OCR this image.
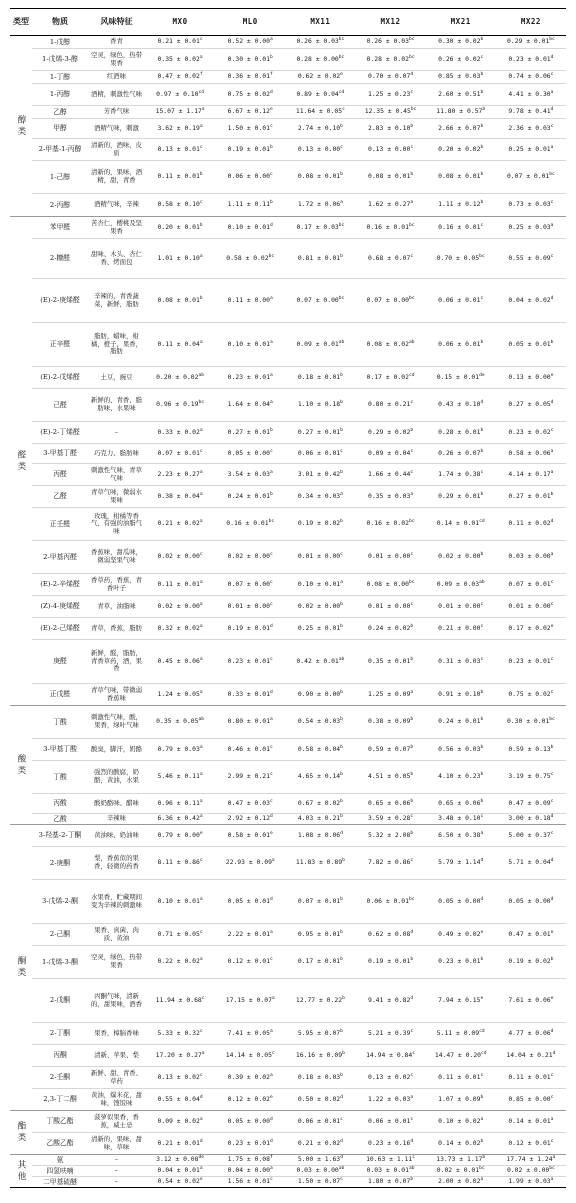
类型	物质	风味特征	MX0	ML0	MX11	MX12	MX21	MX22
醇类	1-戊醇	香青	0.21 ± 0.01$^c$	0.52 ± 0.00$^a$	0.26 ± 0.03$^{bc}$	0.26 ± 0.03$^{bc}$	0.30 ± 0.02$^b$	0.29 ± 0.01$^{bc}$
	1-戊烯-3-醇	空灵，绿色，热带果香	0.35 ± 0.02$^a$	0.30 ± 0.01$^b$	0.28 ± 0.00$^{bc}$	0.28 ± 0.02$^{bc}$	0.26 ± 0.02$^c$	0.23 ± 0.01$^d$
	1-丁醇	红酒味	0.47 ± 0.02$^f$	0.36 ± 0.01$^f$	0.62 ± 0.02$^e$	0.70 ± 0.07$^d$	0.85 ± 0.03$^b$	0.74 ± 0.06$^c$
	1-丙醇	酒精，刺激性气味	0.97 ± 0.10$^{cd}$	0.75 ± 0.02$^d$	0.89 ± 0.04$^{cd}$	1.25 ± 0.23$^c$	2.60 ± 0.51$^b$	4.41 ± 0.30$^a$
	乙醇	芳香气味	15.07 ± 1.17$^a$	6.67 ± 0.12$^e$	11.64 ± 0.05$^c$	12.35 ± 0.45$^{bc}$	11.80 ± 0.57$^b$	9.78 ± 0.41$^d$
	甲醇	酒精气味，刺激	3.62 ± 0.19$^a$	1.50 ± 0.01$^c$	2.74 ± 0.10$^b$	2.83 ± 0.10$^b$	2.66 ± 0.07$^b$	2.36 ± 0.03$^c$
	2-甲基-1-丙醇	清新的，酒味，皮质	0.13 ± 0.01$^c$	0.19 ± 0.01$^b$	0.13 ± 0.00$^c$	0.13 ± 0.00$^c$	0.20 ± 0.02$^b$	0.25 ± 0.01$^a$
	1-己醇	清新的，果味，酒精，甜，青香	0.11 ± 0.01$^b$	0.06 ± 0.00$^c$	0.08 ± 0.01$^b$	0.08 ± 0.01$^b$	0.08 ± 0.01$^b$	0.07 ± 0.01$^{bc}$
	2-丙醇	酒精气味，辛辣	0.58 ± 0.10$^c$	1.11 ± 0.11$^b$	1.72 ± 0.06$^a$	1.62 ± 0.27$^a$	1.11 ± 0.12$^b$	0.73 ± 0.03$^c$
醛类	苯甲醛	苦杏仁，樱桃及坚果香	0.20 ± 0.01$^b$	0.10 ± 0.01$^d$	0.17 ± 0.03$^{bc}$	0.16 ± 0.01$^{bc}$	0.16 ± 0.01$^c$	0.25 ± 0.03$^a$
	2-糠醛	甜味、木头、杏仁香、烤面包	1.01 ± 0.10$^a$	0.58 ± 0.02$^{bc}$	0.81 ± 0.01$^b$	0.68 ± 0.07$^c$	0.70 ± 0.05$^{bc}$	0.55 ± 0.09$^c$
	(E)-2-庚烯醛	辛辣的，青香蔬菜，新鲜，脂肪	0.08 ± 0.01$^b$	0.11 ± 0.00$^a$	0.07 ± 0.00$^{bc}$	0.07 ± 0.00$^{bc}$	0.06 ± 0.01$^c$	0.04 ± 0.02$^d$
	正辛醛	脂肪，蜡味，柑橘，橙子，果香，脂肪	0.11 ± 0.04$^a$	0.10 ± 0.01$^a$	0.09 ± 0.01$^{ab}$	0.08 ± 0.02$^{ab}$	0.06 ± 0.01$^b$	0.05 ± 0.01$^b$
	(E)-2-戊烯醛	土豆，豌豆	0.20 ± 0.02$^{ab}$	0.23 ± 0.01$^a$	0.18 ± 0.01$^b$	0.17 ± 0.02$^{cd}$	0.15 ± 0.01de	0.13 ± 0.00$^e$
	己醛	新鲜的、青香、脂肪味、水果味	0.96 ± 0.19$^{bc}$	1.64 ± 0.04$^a$	1.10 ± 0.18$^b$	0.80 ± 0.21$^c$	0.43 ± 0.10$^d$	0.27 ± 0.05$^d$
	(E)-2-丁烯醛	–	0.33 ± 0.02$^a$	0.27 ± 0.01$^b$	0.27 ± 0.01$^b$	0.29 ± 0.02$^b$	0.28 ± 0.01$^b$	0.23 ± 0.02$^c$
	3-甲基丁醛	巧克力、脂肪味	0.07 ± 0.01$^c$	0.05 ± 0.00$^c$	0.06 ± 0.01$^c$	0.09 ± 0.04$^c$	0.26 ± 0.07$^b$	0.58 ± 0.06$^a$
	丙醛	刺激性气味，青草气味	2.23 ± 0.27$^a$	3.54 ± 0.03$^a$	3.01 ± 0.42$^b$	1.66 ± 0.44$^c$	1.74 ± 0.38$^c$	4.14 ± 0.17$^a$
	乙醛	青草气味，微弱水果味	0.38 ± 0.04$^a$	0.24 ± 0.01$^b$	0.34 ± 0.03$^a$	0.35 ± 0.03$^a$	0.29 ± 0.01$^b$	0.27 ± 0.01$^b$
	正壬醛	玫瑰，柑橘等香气，有强的油脂气味	0.21 ± 0.02$^a$	0.16 ± 0.01$^{bc}$	0.19 ± 0.02$^b$	0.16 ± 0.02$^{bc}$	0.14 ± 0.01$^{cd}$	0.11 ± 0.02$^d$
	2-甲基丙醛	香蕉味，甜瓜味，微弱坚果气味	0.02 ± 0.00$^c$	0.02 ± 0.00$^c$	0.01 ± 0.00$^c$	0.01 ± 0.00$^c$	0.02 ± 0.00$^b$	0.03 ± 0.00$^a$
	(E)-2-辛烯醛	香草药，香蕉，青香叶子	0.11 ± 0.01$^a$	0.07 ± 0.00$^c$	0.10 ± 0.01$^a$	0.08 ± 0.00$^{bc}$	0.09 ± 0.03$^{ab}$	0.07 ± 0.01$^c$
	(Z)-4-庚烯醛	青草，油脂味	0.02 ± 0.00$^a$	0.01 ± 0.00$^c$	0.02 ± 0.00$^b$	0.01 ± 0.00$^c$	0.01 ± 0.00$^c$	0.01 ± 0.00$^c$
	(E)-2-己烯醛	青草，香蕉，脂肪	0.32 ± 0.02$^a$	0.19 ± 0.01$^d$	0.25 ± 0.01$^b$	0.24 ± 0.02$^b$	0.21 ± 0.00$^c$	0.17 ± 0.02$^e$
	庚醛	新鲜，醛，脂肪，青香草药，酒，果香	0.45 ± 0.06$^a$	0.23 ± 0.01$^c$	0.42 ± 0.01$^{ab}$	0.35 ± 0.01$^b$	0.31 ± 0.03$^c$	0.23 ± 0.01$^c$
	正戊醛	青草气味，带微弱香蕉味	1.24 ± 0.05$^a$	0.33 ± 0.01$^d$	0.90 ± 0.00$^b$	1.25 ± 0.09$^a$	0.91 ± 0.10$^b$	0.75 ± 0.02$^c$
酸类	丁酸	刺激性气味，酸，果香，绿叶气味	0.35 ± 0.05$^{ab}$	0.80 ± 0.01$^a$	0.54 ± 0.03$^b$	0.38 ± 0.09$^b$	0.24 ± 0.01$^b$	0.30 ± 0.01$^{bc}$
	3-甲基丁酸	酸臭，脚汗，奶酪	0.79 ± 0.03$^a$	0.46 ± 0.01$^c$	0.58 ± 0.04$^b$	0.59 ± 0.07$^b$	0.56 ± 0.03$^b$	0.59 ± 0.13$^b$
	丁酸	强烈的酸腐，奶酪，黄油，水果	5.46 ± 0.11$^a$	2.99 ± 0.21$^c$	4.65 ± 0.14$^b$	4.51 ± 0.05$^b$	4.10 ± 0.23$^b$	3.19 ± 0.75$^c$
	丙酸	酸奶酪味、醋味	0.96 ± 0.11$^a$	0.47 ± 0.03$^c$	0.67 ± 0.02$^b$	0.65 ± 0.06$^b$	0.65 ± 0.06$^b$	0.47 ± 0.09$^c$
	乙酸	辛辣味	6.36 ± 0.42$^a$	2.92 ± 0.12$^d$	4.03 ± 0.21$^b$	3.59 ± 0.28$^c$	3.48 ± 0.10$^c$	3.00 ± 0.18$^d$
酮类	3-羟基-2-丁酮	黄油味、奶油味	0.79 ± 0.00$^e$	0.58 ± 0.01$^e$	1.08 ± 0.06$^d$	5.32 ± 2.08$^b$	6.50 ± 0.38$^a$	5.00 ± 0.37$^c$
	2-庚酮	梨，香蕉似的果香，轻微的药香	8.11 ± 0.86$^c$	22.93 ± 0.09$^a$	11.83 ± 0.89$^b$	7.82 ± 0.86$^c$	5.79 ± 1.14$^d$	5.71 ± 0.04$^d$
	3-戊烯-2-酮	水果香，贮藏期间变为辛辣的刺激味	0.10 ± 0.01$^a$	0.05 ± 0.01$^d$	0.07 ± 0.01$^b$	0.06 ± 0.01$^{bc}$	0.05 ± 0.00$^d$	0.05 ± 0.00$^d$
	2-己酮	果香、真菌、肉质、黄油	0.71 ± 0.05$^c$	2.22 ± 0.01$^a$	0.95 ± 0.01$^b$	0.62 ± 0.08$^d$	0.49 ± 0.02$^e$	0.47 ± 0.01$^e$
	1-戊烯-3-酮	空灵，绿色，热带果香	0.22 ± 0.02$^a$	0.12 ± 0.01$^c$	0.17 ± 0.01$^b$	0.19 ± 0.01$^b$	0.23 ± 0.01$^b$	0.19 ± 0.02$^b$
	2-戊酮	丙酮气味，清新的，甜果味，酒香	11.94 ± 0.68$^c$	17.15 ± 0.07$^a$	12.77 ± 0.22$^b$	9.41 ± 0.82$^d$	7.94 ± 0.15$^e$	7.61 ± 0.06$^e$
	2-丁酮	果香，樟脑香味	5.33 ± 0.32$^c$	7.41 ± 0.05$^a$	5.95 ± 0.07$^b$	5.21 ± 0.39$^c$	5.11 ± 0.09$^{cd}$	4.77 ± 0.06$^d$
	丙酮	清新、苹果、梨	17.20 ± 0.27$^a$	14.14 ± 0.05$^c$	16.16 ± 0.09$^b$	14.94 ± 0.84$^c$	14.47 ± 0.20$^{cd}$	14.04 ± 0.21$^d$
	2-壬酮	新鲜、甜、青香、草药	0.13 ± 0.02$^c$	0.39 ± 0.02$^a$	0.18 ± 0.03$^b$	0.13 ± 0.02$^c$	0.11 ± 0.01$^c$	0.11 ± 0.01$^c$
	2,3-丁二酮	黄油，爆米花，甜味，馊饭味	0.55 ± 0.04$^d$	0.12 ± 0.02$^e$	0.50 ± 0.02$^d$	1.22 ± 0.03$^a$	1.07 ± 0.09$^b$	0.85 ± 0.00$^c$
酯类	丁酸乙酯	菠萝似果香，香蕉，威士忌	0.09 ± 0.02$^a$	0.05 ± 0.00$^d$	0.06 ± 0.01$^c$	0.06 ± 0.01$^c$	0.10 ± 0.02$^a$	0.14 ± 0.01$^a$
	乙酸乙酯	清新的，果味，甜味，草味	0.21 ± 0.01$^d$	0.23 ± 0.01$^d$	0.21 ± 0.02$^d$	0.23 ± 0.16$^d$	0.14 ± 0.02$^b$	0.12 ± 0.01$^c$
其他	氨	–	3.12 ± 0.08de	1.75 ± 0.08$^f$	5.00 ± 1.63$^d$	10.63 ± 1.11$^c$	13.73 ± 1.17$^b$	17.74 ± 1.24$^a$
	四氢呋喃	–	0.04 ± 0.01$^a$	0.04 ± 0.00$^a$	0.03 ± 0.00$^{ab}$	0.03 ± 0.01$^{ab}$	0.02 ± 0.01$^{bc}$	0.02 ± 0.00$^{bc}$
	二甲基硫醚	–	0.54 ± 0.02$^e$	1.56 ± 0.01$^c$	1.50 ± 0.07$^c$	1.80 ± 0.07$^b$	2.00 ± 0.02$^a$	1.99 ± 0.03$^a$
